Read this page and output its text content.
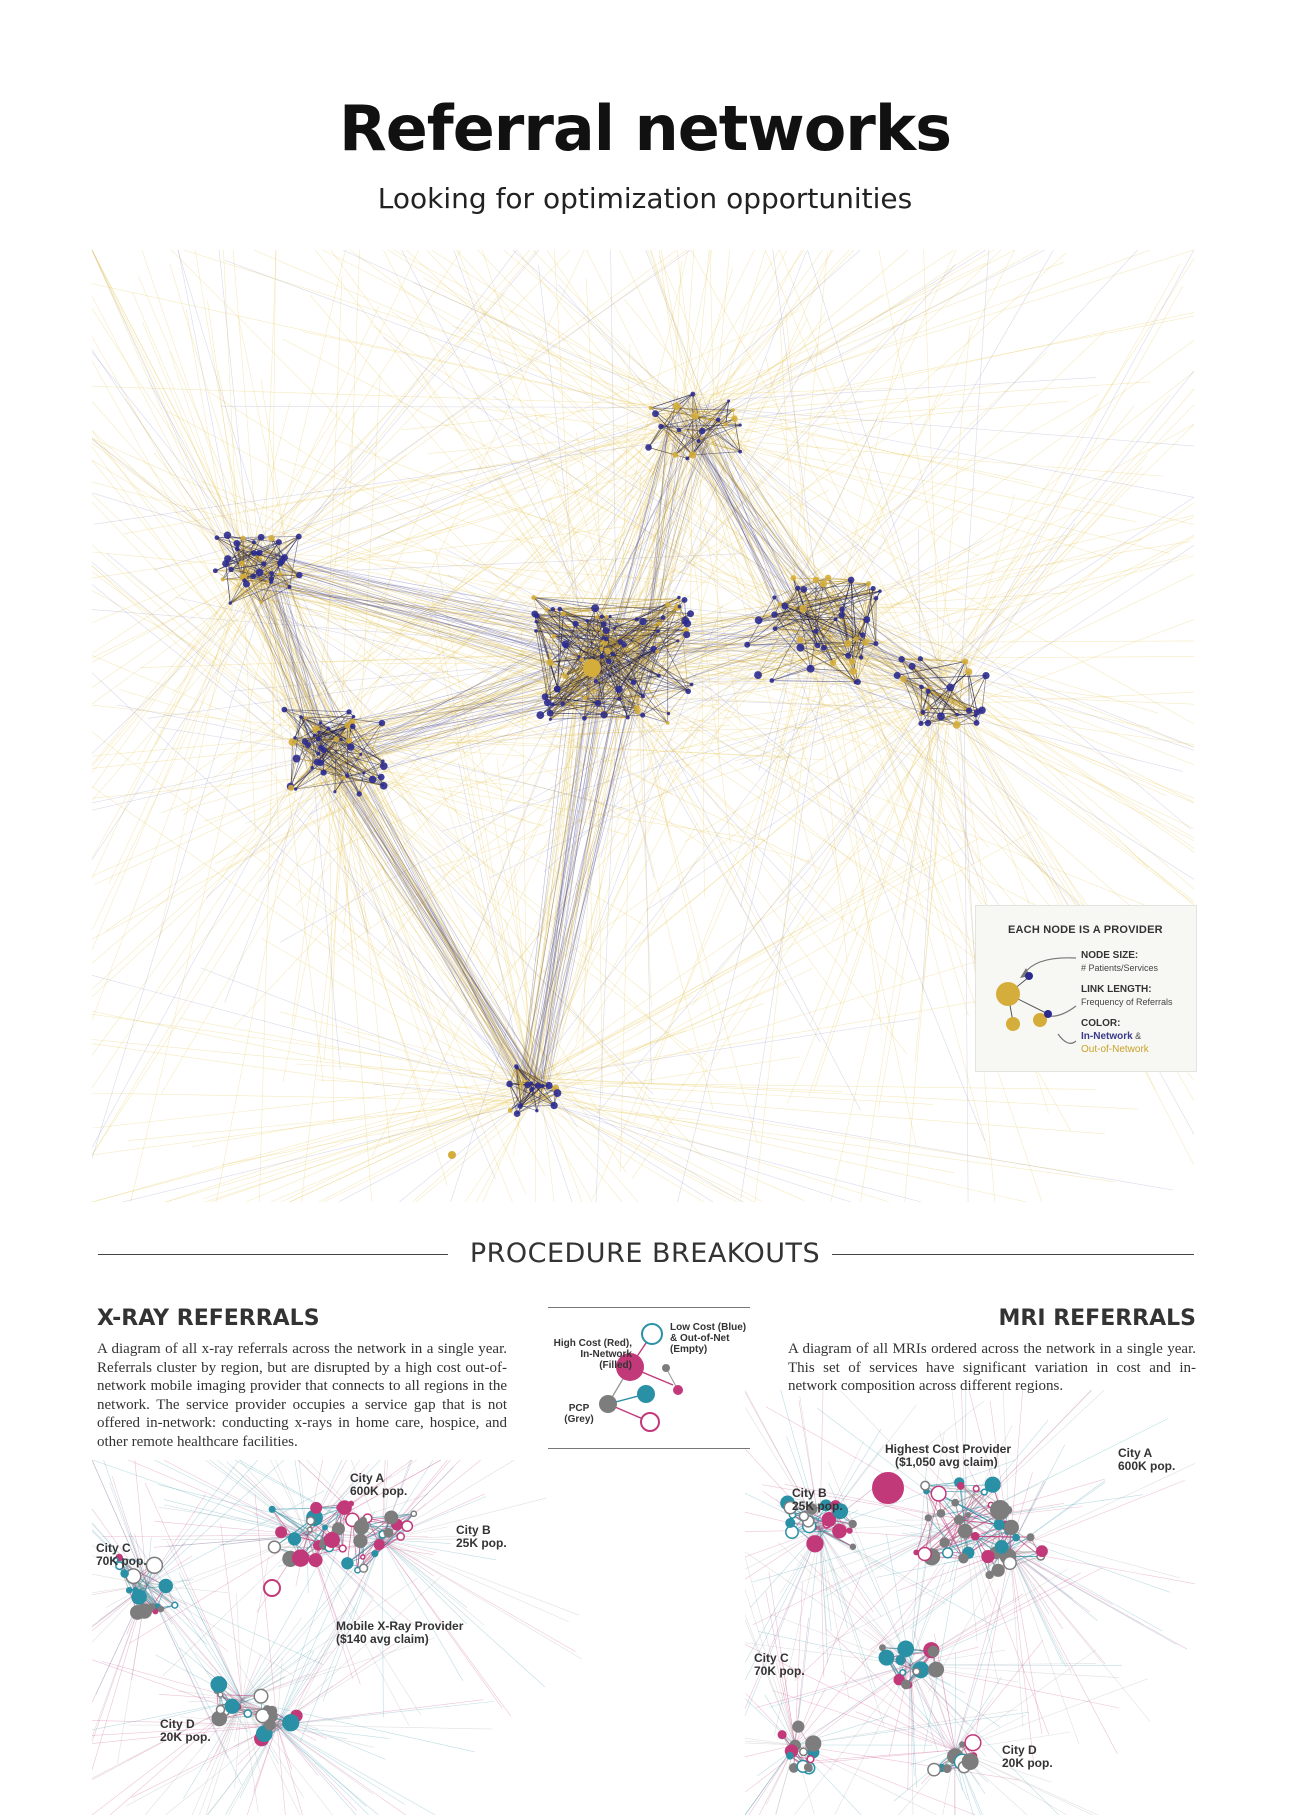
Referral networks

Looking for optimization opportunities

EACH NODE IS A PROVIDER
NODE SIZE:
# Patients/Services
LINK LENGTH:
Frequency of Referrals
COLOR:
In-Network &
Out-of-Network
PROCEDURE BREAKOUTS
X-RAY REFERRALS

A diagram of all x-ray referrals across the network in a single year. Referrals cluster by region, but are disrupted by a high cost out-of-network mobile imaging provider that connects to all regions in the network. The service provider occupies a service gap that is not offered in-network: conducting x-rays in home care, hospice, and other remote healthcare facilities.

High Cost (Red),
In-Network
(Filled)
Low Cost (Blue)
& Out-of-Net
(Empty)
PCP
(Grey)
MRI REFERRALS

A diagram of all MRIs ordered across the network in a single year. This set of services have significant variation in cost and in-network composition across different regions.

City A
600K pop.
City B
25K pop.
City C
70K pop.
City D
20K pop.
Mobile X-Ray Provider
($140 avg claim)
Highest Cost Provider
($1,050 avg claim)
City A
600K pop.
City B
25K pop.
City C
70K pop.
City D
20K pop.
